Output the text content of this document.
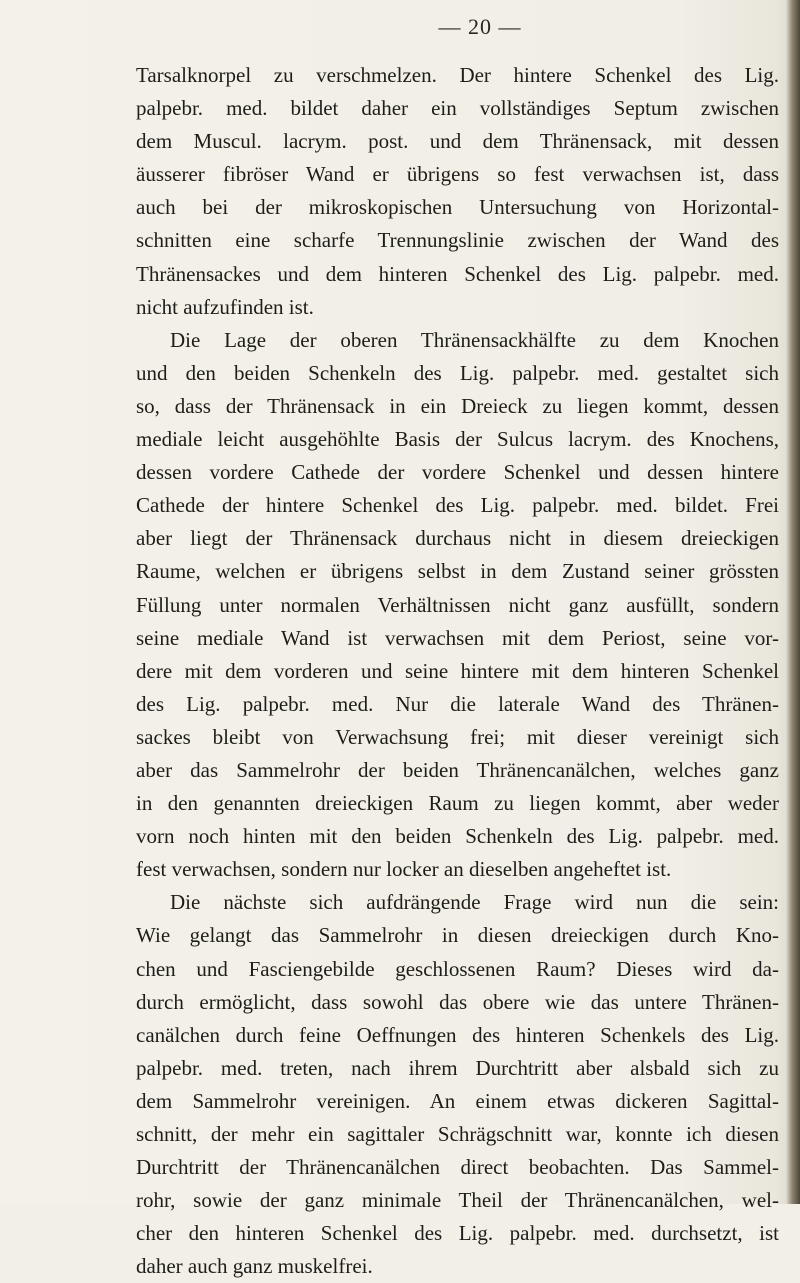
— 20 —
Tarsalknorpel zu verschmelzen. Der hintere Schenkel des Lig.
palpebr. med. bildet daher ein vollständiges Septum zwischen
dem Muscul. lacrym. post. und dem Thränensack, mit dessen
äusserer fibröser Wand er übrigens so fest verwachsen ist, dass
auch bei der mikroskopischen Untersuchung von Horizontal-
schnitten eine scharfe Trennungslinie zwischen der Wand des
Thränensackes und dem hinteren Schenkel des Lig. palpebr. med.
nicht aufzufinden ist.
Die Lage der oberen Thränensackhälfte zu dem Knochen
und den beiden Schenkeln des Lig. palpebr. med. gestaltet sich
so, dass der Thränensack in ein Dreieck zu liegen kommt, dessen
mediale leicht ausgehöhlte Basis der Sulcus lacrym. des Knochens,
dessen vordere Cathede der vordere Schenkel und dessen hintere
Cathede der hintere Schenkel des Lig. palpebr. med. bildet. Frei
aber liegt der Thränensack durchaus nicht in diesem dreieckigen
Raume, welchen er übrigens selbst in dem Zustand seiner grössten
Füllung unter normalen Verhältnissen nicht ganz ausfüllt, sondern
seine mediale Wand ist verwachsen mit dem Periost, seine vor-
dere mit dem vorderen und seine hintere mit dem hinteren Schenkel
des Lig. palpebr. med. Nur die laterale Wand des Thränen-
sackes bleibt von Verwachsung frei; mit dieser vereinigt sich
aber das Sammelrohr der beiden Thränencanälchen, welches ganz
in den genannten dreieckigen Raum zu liegen kommt, aber weder
vorn noch hinten mit den beiden Schenkeln des Lig. palpebr. med.
fest verwachsen, sondern nur locker an dieselben angeheftet ist.
Die nächste sich aufdrängende Frage wird nun die sein:
Wie gelangt das Sammelrohr in diesen dreieckigen durch Kno-
chen und Fasciengebilde geschlossenen Raum? Dieses wird da-
durch ermöglicht, dass sowohl das obere wie das untere Thränen-
canälchen durch feine Oeffnungen des hinteren Schenkels des Lig.
palpebr. med. treten, nach ihrem Durchtritt aber alsbald sich zu
dem Sammelrohr vereinigen. An einem etwas dickeren Sagittal-
schnitt, der mehr ein sagittaler Schrägschnitt war, konnte ich diesen
Durchtritt der Thränencanälchen direct beobachten. Das Sammel-
rohr, sowie der ganz minimale Theil der Thränencanälchen, wel-
cher den hinteren Schenkel des Lig. palpebr. med. durchsetzt, ist
daher auch ganz muskelfrei.
